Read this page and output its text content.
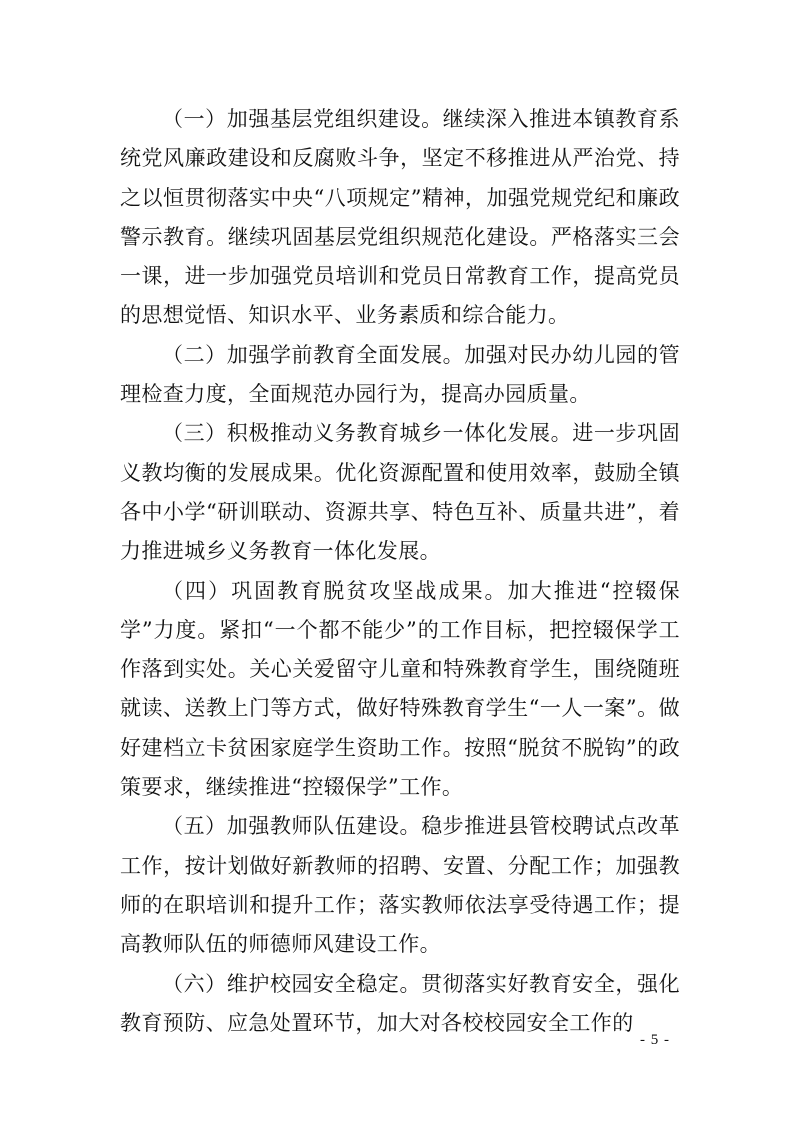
（一）加强基层党组织建设。继续深入推进本镇教育系统党风廉政建设和反腐败斗争，坚定不移推进从严治党、持之以恒贯彻落实中央“八项规定”精神，加强党规党纪和廉政警示教育。继续巩固基层党组织规范化建设。严格落实三会一课，进一步加强党员培训和党员日常教育工作，提高党员的思想觉悟、知识水平、业务素质和综合能力。

（二）加强学前教育全面发展。加强对民办幼儿园的管理检查力度，全面规范办园行为，提高办园质量。

（三）积极推动义务教育城乡一体化发展。进一步巩固义教均衡的发展成果。优化资源配置和使用效率，鼓励全镇各中小学“研训联动、资源共享、特色互补、质量共进”，着力推进城乡义务教育一体化发展。

（四）巩固教育脱贫攻坚战成果。加大推进“控辍保学”力度。紧扣“一个都不能少”的工作目标，把控辍保学工作落到实处。关心关爱留守儿童和特殊教育学生，围绕随班就读、送教上门等方式，做好特殊教育学生“一人一案”。做好建档立卡贫困家庭学生资助工作。按照“脱贫不脱钩”的政策要求，继续推进“控辍保学”工作。

（五）加强教师队伍建设。稳步推进县管校聘试点改革工作，按计划做好新教师的招聘、安置、分配工作；加强教师的在职培训和提升工作；落实教师依法享受待遇工作；提高教师队伍的师德师风建设工作。

（六）维护校园安全稳定。贯彻落实好教育安全，强化教育预防、应急处置环节，加大对各校校园安全工作的

- 5 -
